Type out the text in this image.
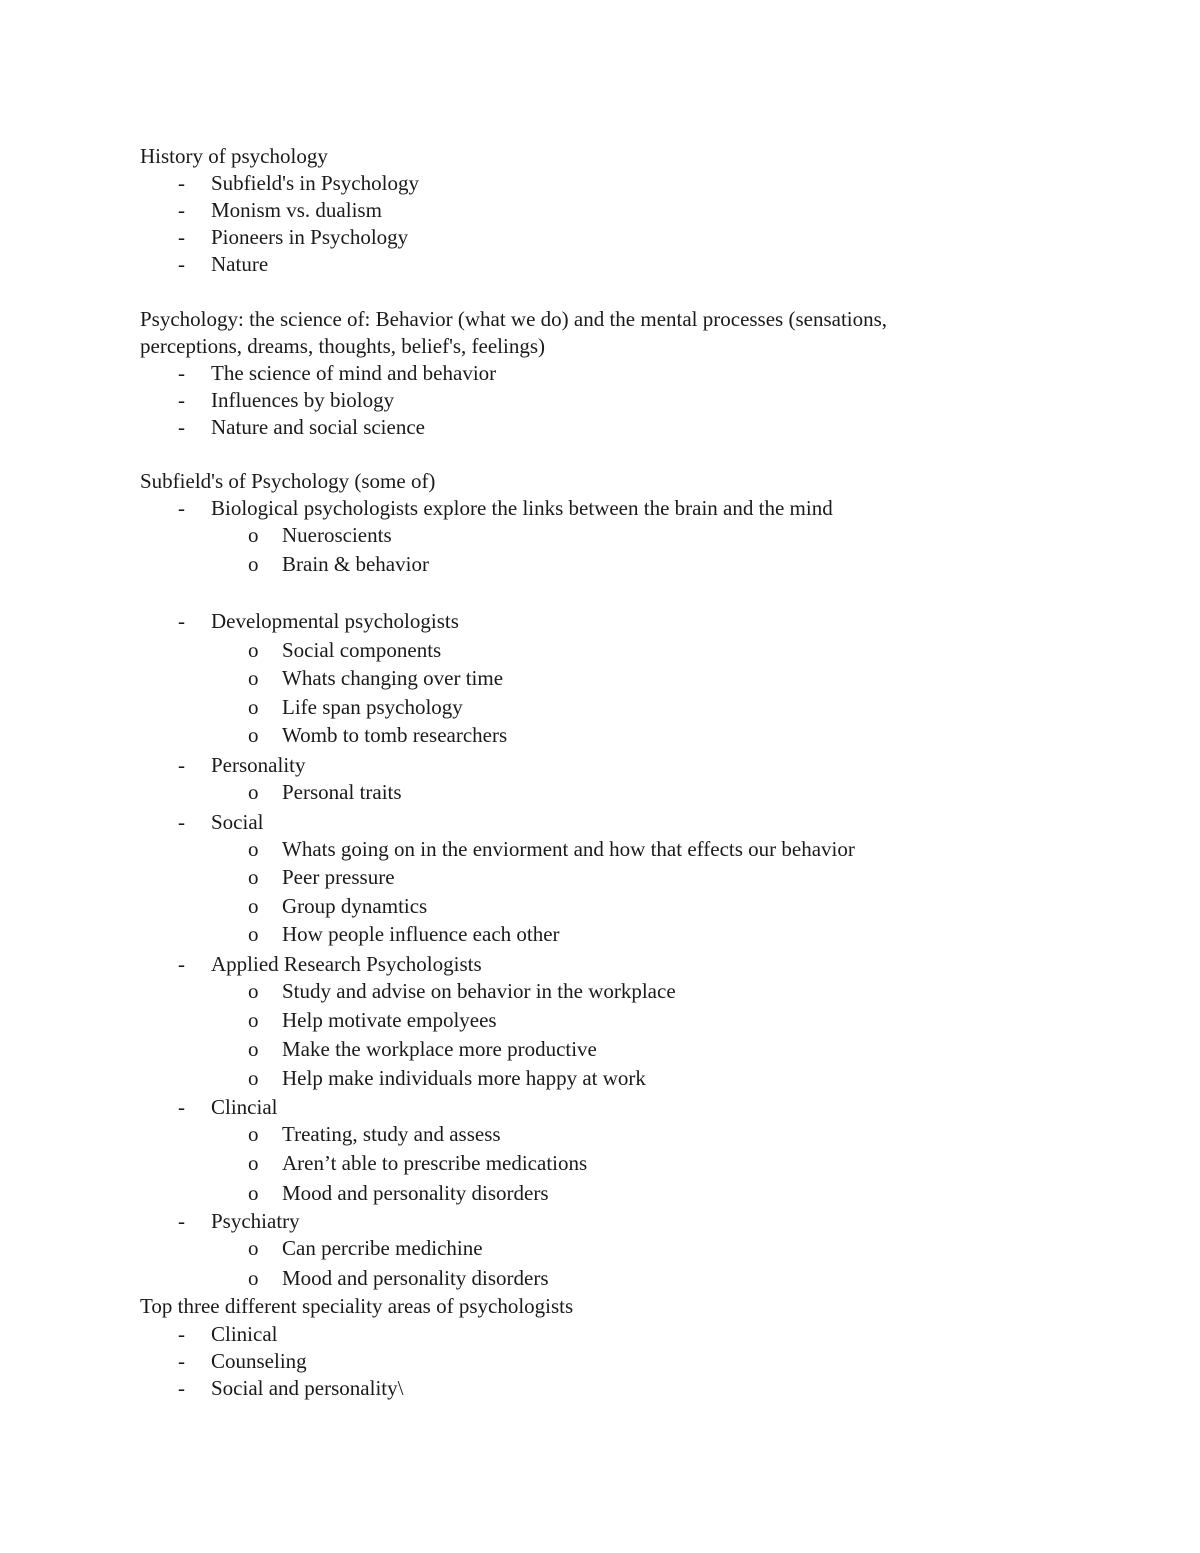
History of psychology
- Subfield's in Psychology
- Monism vs. dualism
- Pioneers in Psychology
- Nature
Psychology: the science of: Behavior (what we do) and the mental processes (sensations,
perceptions, dreams, thoughts, belief's, feelings)
- The science of mind and behavior
- Influences by biology
- Nature and social science
Subfield's of Psychology (some of)
- Biological psychologists explore the links between the brain and the mind
o Nueroscients
o Brain & behavior
- Developmental psychologists
o Social components
o Whats changing over time
o Life span psychology
o Womb to tomb researchers
- Personality
o Personal traits
- Social
o Whats going on in the enviorment and how that effects our behavior
o Peer pressure
o Group dynamtics
o How people influence each other
- Applied Research Psychologists
o Study and advise on behavior in the workplace
o Help motivate empolyees
o Make the workplace more productive
o Help make individuals more happy at work
- Clincial
o Treating, study and assess
o Aren’t able to prescribe medications
o Mood and personality disorders
- Psychiatry
o Can percribe medichine
o Mood and personality disorders
Top three different speciality areas of psychologists
- Clinical
- Counseling
- Social and personality\
